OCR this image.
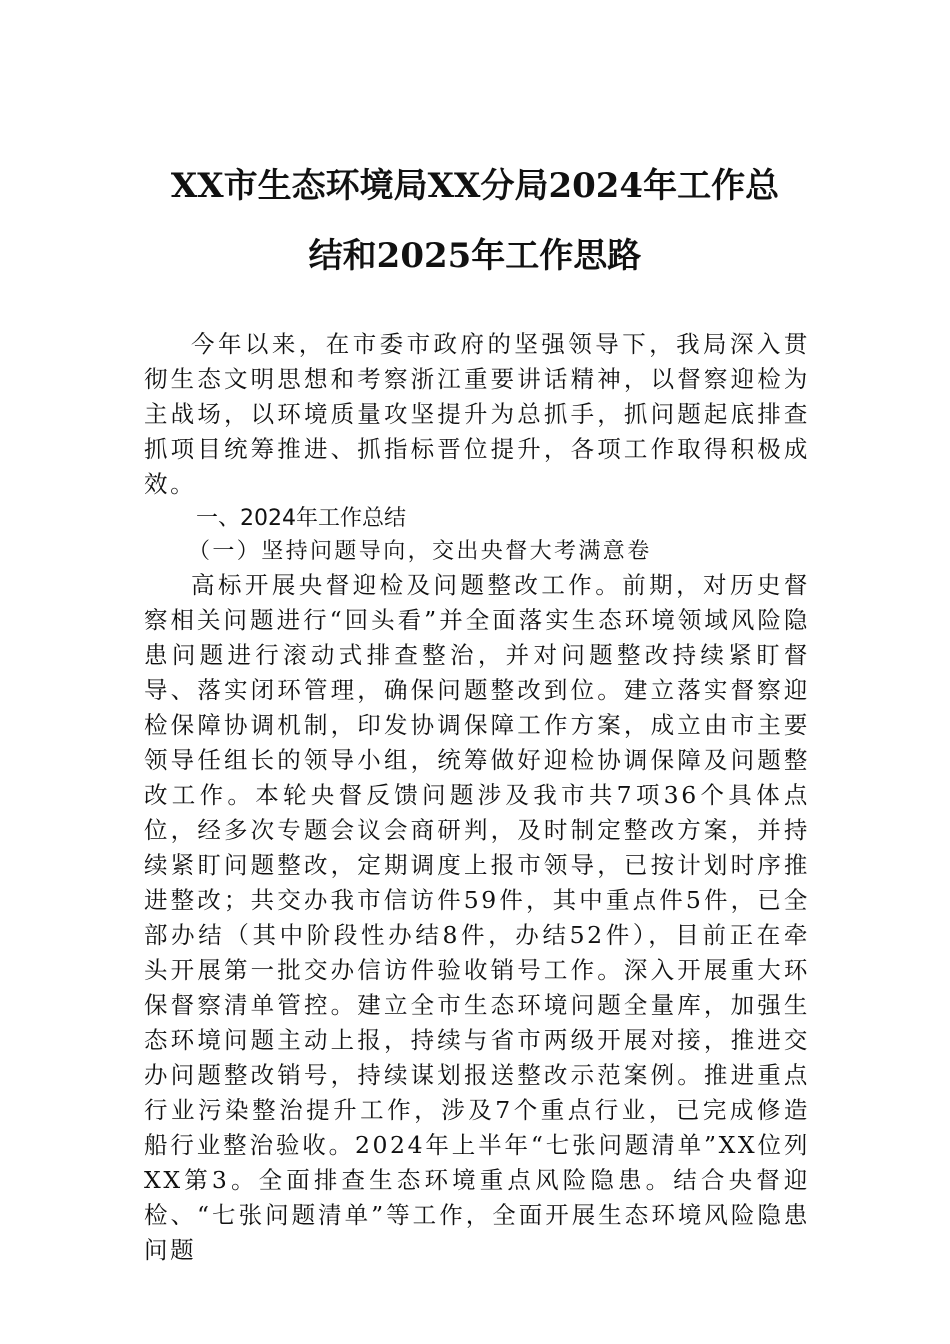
XX市生态环境局XX分局2024年工作总
结和2025年工作思路

今年以来，在市委市政府的坚强领导下，我局深入贯彻生态文明思想和考察浙江重要讲话精神，以督察迎检为主战场，以环境质量攻坚提升为总抓手，抓问题起底排查抓项目统筹推进、抓指标晋位提升，各项工作取得积极成效。

一、2024年工作总结
（一）坚持问题导向，交出央督大考满意卷

高标开展央督迎检及问题整改工作。前期，对历史督察相关问题进行“回头看”并全面落实生态环境领域风险隐患问题进行滚动式排查整治，并对问题整改持续紧盯督导、落实闭环管理，确保问题整改到位。建立落实督察迎检保障协调机制，印发协调保障工作方案，成立由市主要领导任组长的领导小组，统筹做好迎检协调保障及问题整改工作。本轮央督反馈问题涉及我市共7项36个具体点位，经多次专题会议会商研判，及时制定整改方案，并持续紧盯问题整改，定期调度上报市领导，已按计划时序推进整改；共交办我市信访件59件，其中重点件5件，已全部办结（其中阶段性办结8件，办结52件），目前正在牵头开展第一批交办信访件验收销号工作。深入开展重大环保督察清单管控。建立全市生态环境问题全量库，加强生态环境问题主动上报，持续与省市两级开展对接，推进交办问题整改销号，持续谋划报送整改示范案例。推进重点行业污染整治提升工作，涉及7个重点行业，已完成修造船行业整治验收。2024年上半年“七张问题清单”XX位列XX第3。全面排查生态环境重点风险隐患。结合央督迎检、“七张问题清单”等工作，全面开展生态环境风险隐患问题
